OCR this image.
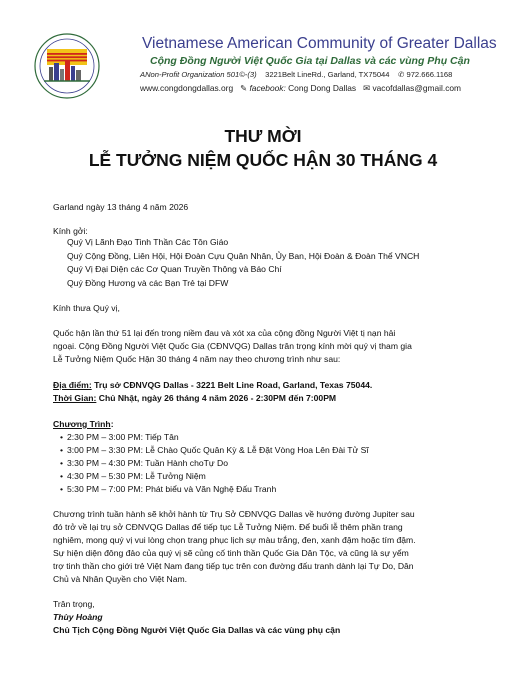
Vietnamese American Community of Greater Dallas
Cộng Đồng Người Việt Quốc Gia tại Dallas và các vùng Phụ Cận
ANon-Profit Organization 501©-(3) 3221Belt LineRd., Garland, TX75044 ✆ 972.666.1168
www.congdongdallas.org ✎ facebook: Cong Dong Dallas ✉ vacofdallas@gmail.com
THƯ MỜI
LỄ TƯỞNG NIỆM QUỐC HẬN 30 THÁNG 4
Garland ngày 13 tháng 4 năm 2026
Kính gởi:
Quý Vị Lãnh Đạo Tinh Thần Các Tôn Giáo
Quý Cộng Đồng, Liên Hội, Hội Đoàn Cựu Quân Nhân, Ủy Ban, Hội Đoàn & Đoàn Thể VNCH
Quý Vị Đại Diện các Cơ Quan Truyền Thông và Báo Chí
Quý Đồng Hương và các Bạn Trẻ tại DFW
Kính thưa Quý vị,
Quốc hận lần thứ 51 lại đến trong niềm đau và xót xa của cộng đồng Người Việt tị nạn hải
ngoại. Cộng Đồng Người Việt Quốc Gia (CĐNVQG) Dallas trân trọng kính mời quý vị tham gia
Lễ Tưởng Niệm Quốc Hận 30 tháng 4 năm nay theo chương trình như sau:
Địa điểm: Trụ sở CĐNVQG Dallas - 3221 Belt Line Road, Garland, Texas 75044.
Thời Gian: Chủ Nhật, ngày 26 tháng 4 năm 2026 - 2:30PM đến 7:00PM
Chương Trình:
• 2:30 PM – 3:00 PM: Tiếp Tân
• 3:00 PM – 3:30 PM: Lễ Chào Quốc Quân Kỳ & Lễ Đặt Vòng Hoa Lên Đài Tử Sĩ
• 3:30 PM – 4:30 PM: Tuần Hành choTự Do
• 4:30 PM – 5:30 PM: Lễ Tưởng Niệm
• 5:30 PM – 7:00 PM: Phát biểu và Văn Nghệ Đấu Tranh
Chương trình tuần hành sẽ khởi hành từ Trụ Sở CĐNVQG Dallas về hướng đường Jupiter sau
đó trở về lại trụ sở CĐNVQG Dallas để tiếp tục Lễ Tưởng Niệm. Để buổi lễ thêm phần trang
nghiêm, mong quý vị vui lòng chọn trang phục lịch sự màu trắng, đen, xanh đậm hoặc tím đậm.
Sự hiện diện đông đảo của quý vị sẽ củng cố tinh thần Quốc Gia Dân Tộc, và cũng là sự yểm
trợ tinh thần cho giới trẻ Việt Nam đang tiếp tục trên con đường đấu tranh dành lại Tự Do, Dân
Chủ và Nhân Quyền cho Việt Nam.
Trân trọng,
Thùy Hoàng
Chủ Tịch Cộng Đồng Người Việt Quốc Gia Dallas và các vùng phụ cận
